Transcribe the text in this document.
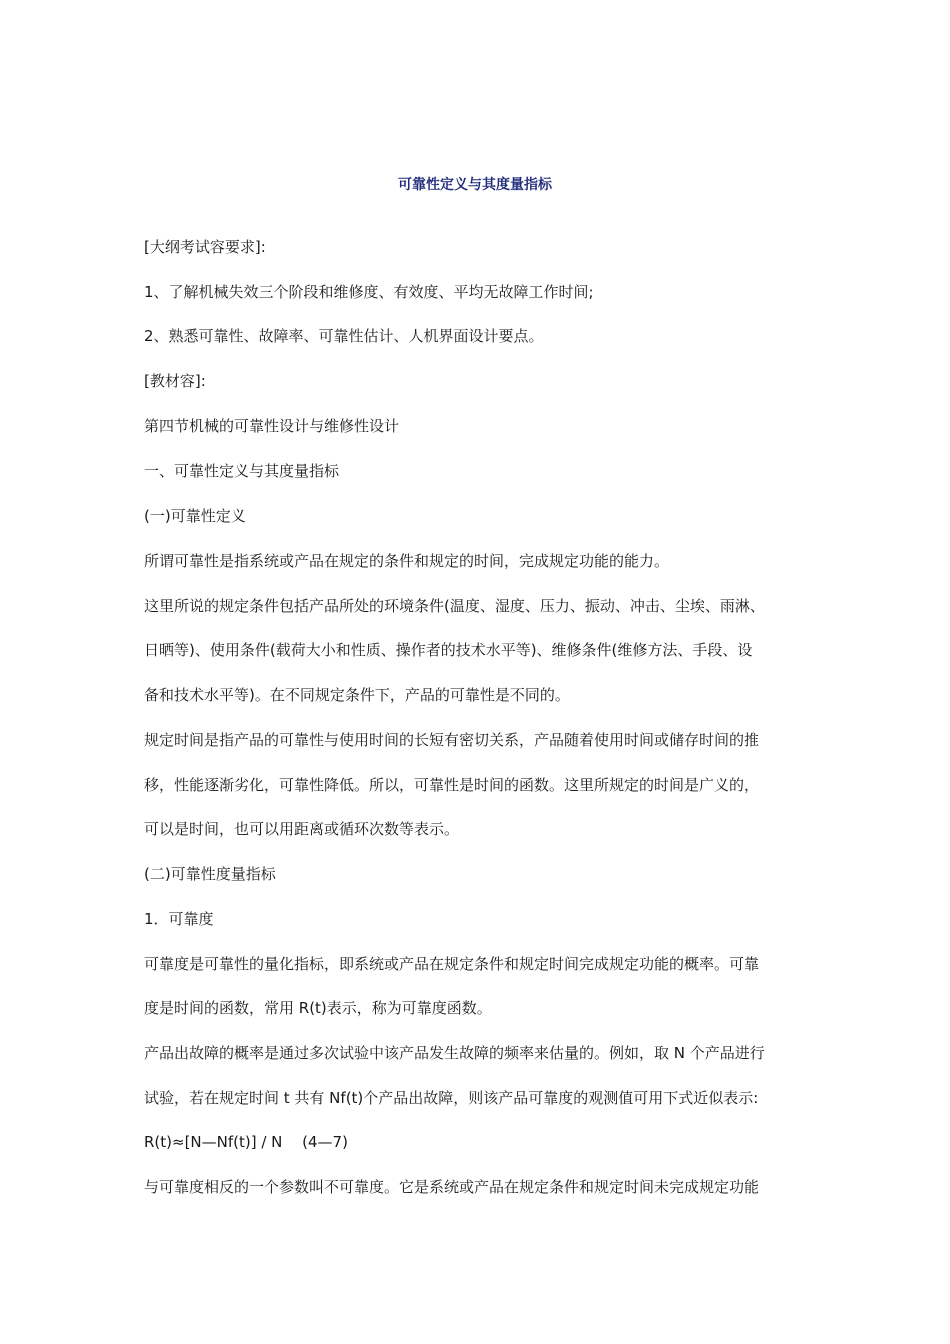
可靠性定义与其度量指标
[大纲考试容要求]:
1、了解机械失效三个阶段和维修度、有效度、平均无故障工作时间;
2、熟悉可靠性、故障率、可靠性估计、人机界面设计要点。
[教材容]:
第四节机械的可靠性设计与维修性设计
一、可靠性定义与其度量指标
(一)可靠性定义
所谓可靠性是指系统或产品在规定的条件和规定的时间，完成规定功能的能力。
这里所说的规定条件包括产品所处的环境条件(温度、湿度、压力、振动、冲击、尘埃、雨淋、
日晒等)、使用条件(载荷大小和性质、操作者的技术水平等)、维修条件(维修方法、手段、设
备和技术水平等)。在不同规定条件下，产品的可靠性是不同的。
规定时间是指产品的可靠性与使用时间的长短有密切关系，产品随着使用时间或储存时间的推
移，性能逐渐劣化，可靠性降低。所以，可靠性是时间的函数。这里所规定的时间是广义的，
可以是时间，也可以用距离或循环次数等表示。
(二)可靠性度量指标
1．可靠度
可靠度是可靠性的量化指标，即系统或产品在规定条件和规定时间完成规定功能的概率。可靠
度是时间的函数，常用 R(t)表示，称为可靠度函数。
产品出故障的概率是通过多次试验中该产品发生故障的频率来估量的。例如，取 N 个产品进行
试验，若在规定时间 t 共有 Nf(t)个产品出故障，则该产品可靠度的观测值可用下式近似表示:
R(t)≈[N—Nf(t)] / N　 (4—7)
与可靠度相反的一个参数叫不可靠度。它是系统或产品在规定条件和规定时间未完成规定功能
